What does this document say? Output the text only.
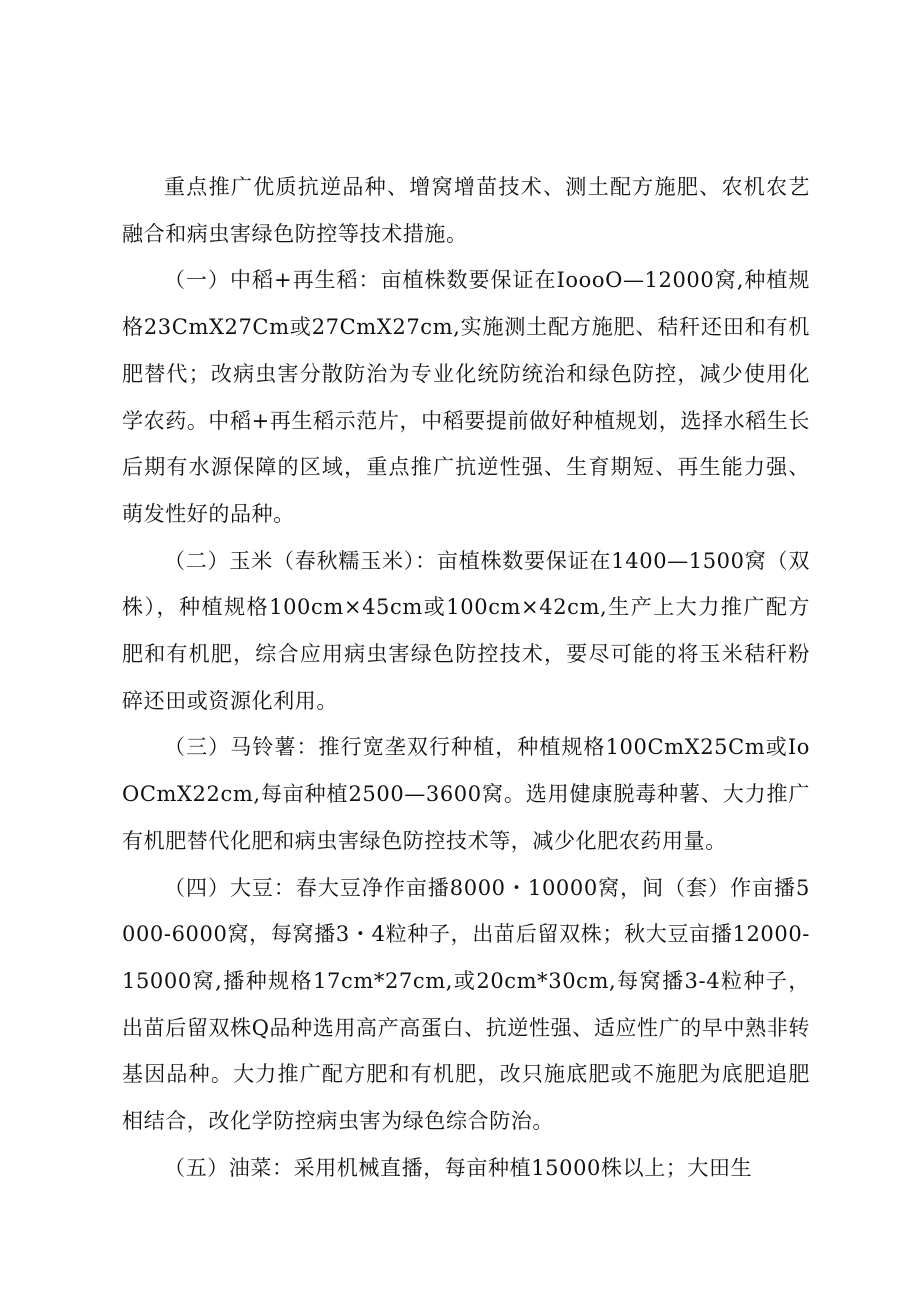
重点推广优质抗逆品种、增窝增苗技术、测土配方施肥、农机农艺融合和病虫害绿色防控等技术措施。

（一）中稻+再生稻：亩植株数要保证在IoooO—12000窝,种植规格23CmX27Cm或27CmX27cm,实施测土配方施肥、秸秆还田和有机肥替代；改病虫害分散防治为专业化统防统治和绿色防控，减少使用化学农药。中稻+再生稻示范片，中稻要提前做好种植规划，选择水稻生长后期有水源保障的区域，重点推广抗逆性强、生育期短、再生能力强、萌发性好的品种。

（二）玉米（春秋糯玉米）：亩植株数要保证在1400—1500窝（双株），种植规格100cm×45cm或100cm×42cm,生产上大力推广配方肥和有机肥，综合应用病虫害绿色防控技术，要尽可能的将玉米秸秆粉碎还田或资源化利用。

（三）马铃薯：推行宽垄双行种植，种植规格100CmX25Cm或IoOCmX22cm,每亩种植2500—3600窝。选用健康脱毒种薯、大力推广有机肥替代化肥和病虫害绿色防控技术等，减少化肥农药用量。

（四）大豆：春大豆净作亩播8000・10000窝，间（套）作亩播5000-6000窝，每窝播3・4粒种子，出苗后留双株；秋大豆亩播12000-15000窝,播种规格17cm*27cm,或20cm*30cm,每窝播3-4粒种子，出苗后留双株Q品种选用高产高蛋白、抗逆性强、适应性广的早中熟非转基因品种。大力推广配方肥和有机肥，改只施底肥或不施肥为底肥追肥相结合，改化学防控病虫害为绿色综合防治。

（五）油菜：采用机械直播，每亩种植15000株以上；大田生
